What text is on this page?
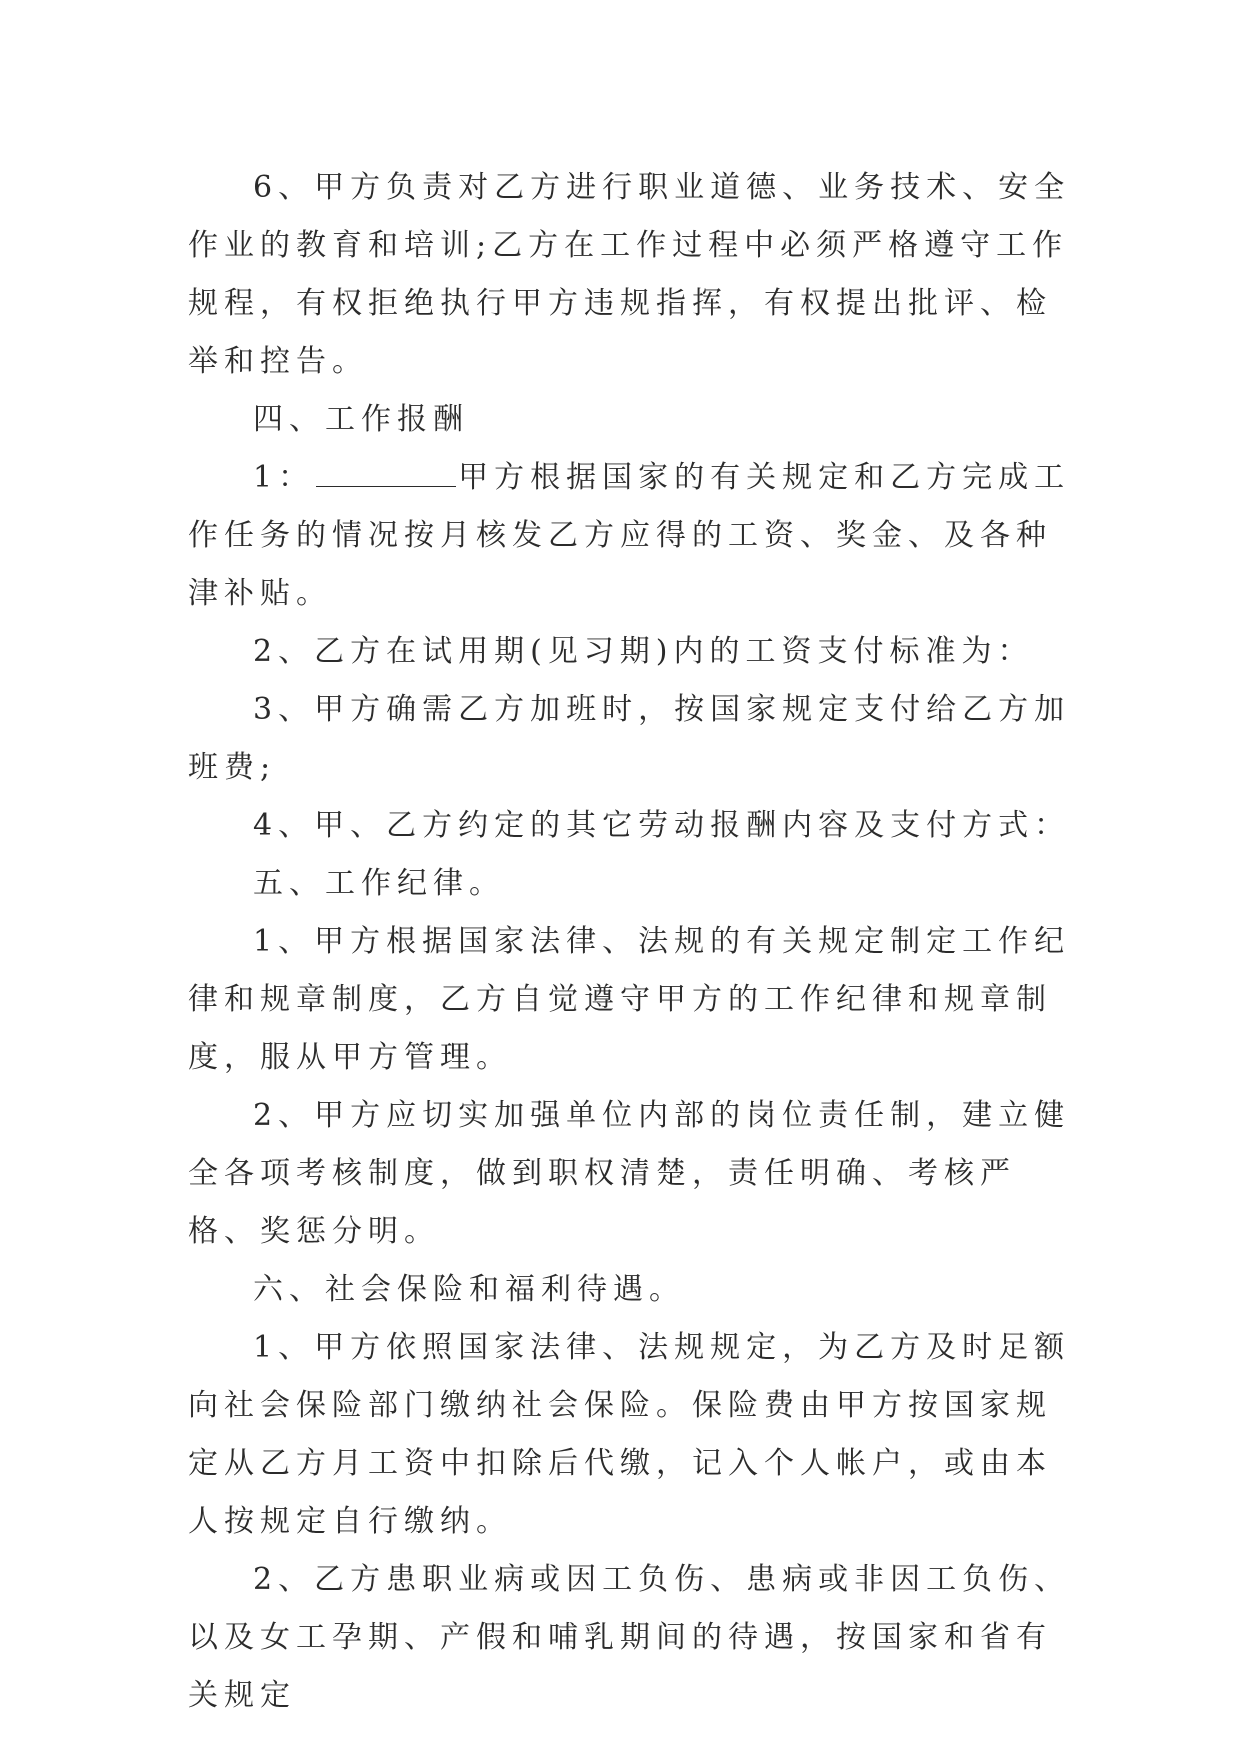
6、甲方负责对乙方进行职业道德、业务技术、安全作业的教育和培训;乙方在工作过程中必须严格遵守工作规程，有权拒绝执行甲方违规指挥，有权提出批评、检举和控告。

四、工作报酬

1：	甲方根据国家的有关规定和乙方完成工作任务的情况按月核发乙方应得的工资、奖金、及各种津补贴。

2、乙方在试用期(见习期)内的工资支付标准为：

3、甲方确需乙方加班时，按国家规定支付给乙方加班费;

4、甲、乙方约定的其它劳动报酬内容及支付方式：

五、工作纪律。

1、甲方根据国家法律、法规的有关规定制定工作纪律和规章制度，乙方自觉遵守甲方的工作纪律和规章制度，服从甲方管理。

2、甲方应切实加强单位内部的岗位责任制，建立健全各项考核制度，做到职权清楚，责任明确、考核严格、奖惩分明。

六、社会保险和福利待遇。

1、甲方依照国家法律、法规规定，为乙方及时足额向社会保险部门缴纳社会保险。保险费由甲方按国家规定从乙方月工资中扣除后代缴，记入个人帐户，或由本人按规定自行缴纳。

2、乙方患职业病或因工负伤、患病或非因工负伤、以及女工孕期、产假和哺乳期间的待遇，按国家和省有关规定
